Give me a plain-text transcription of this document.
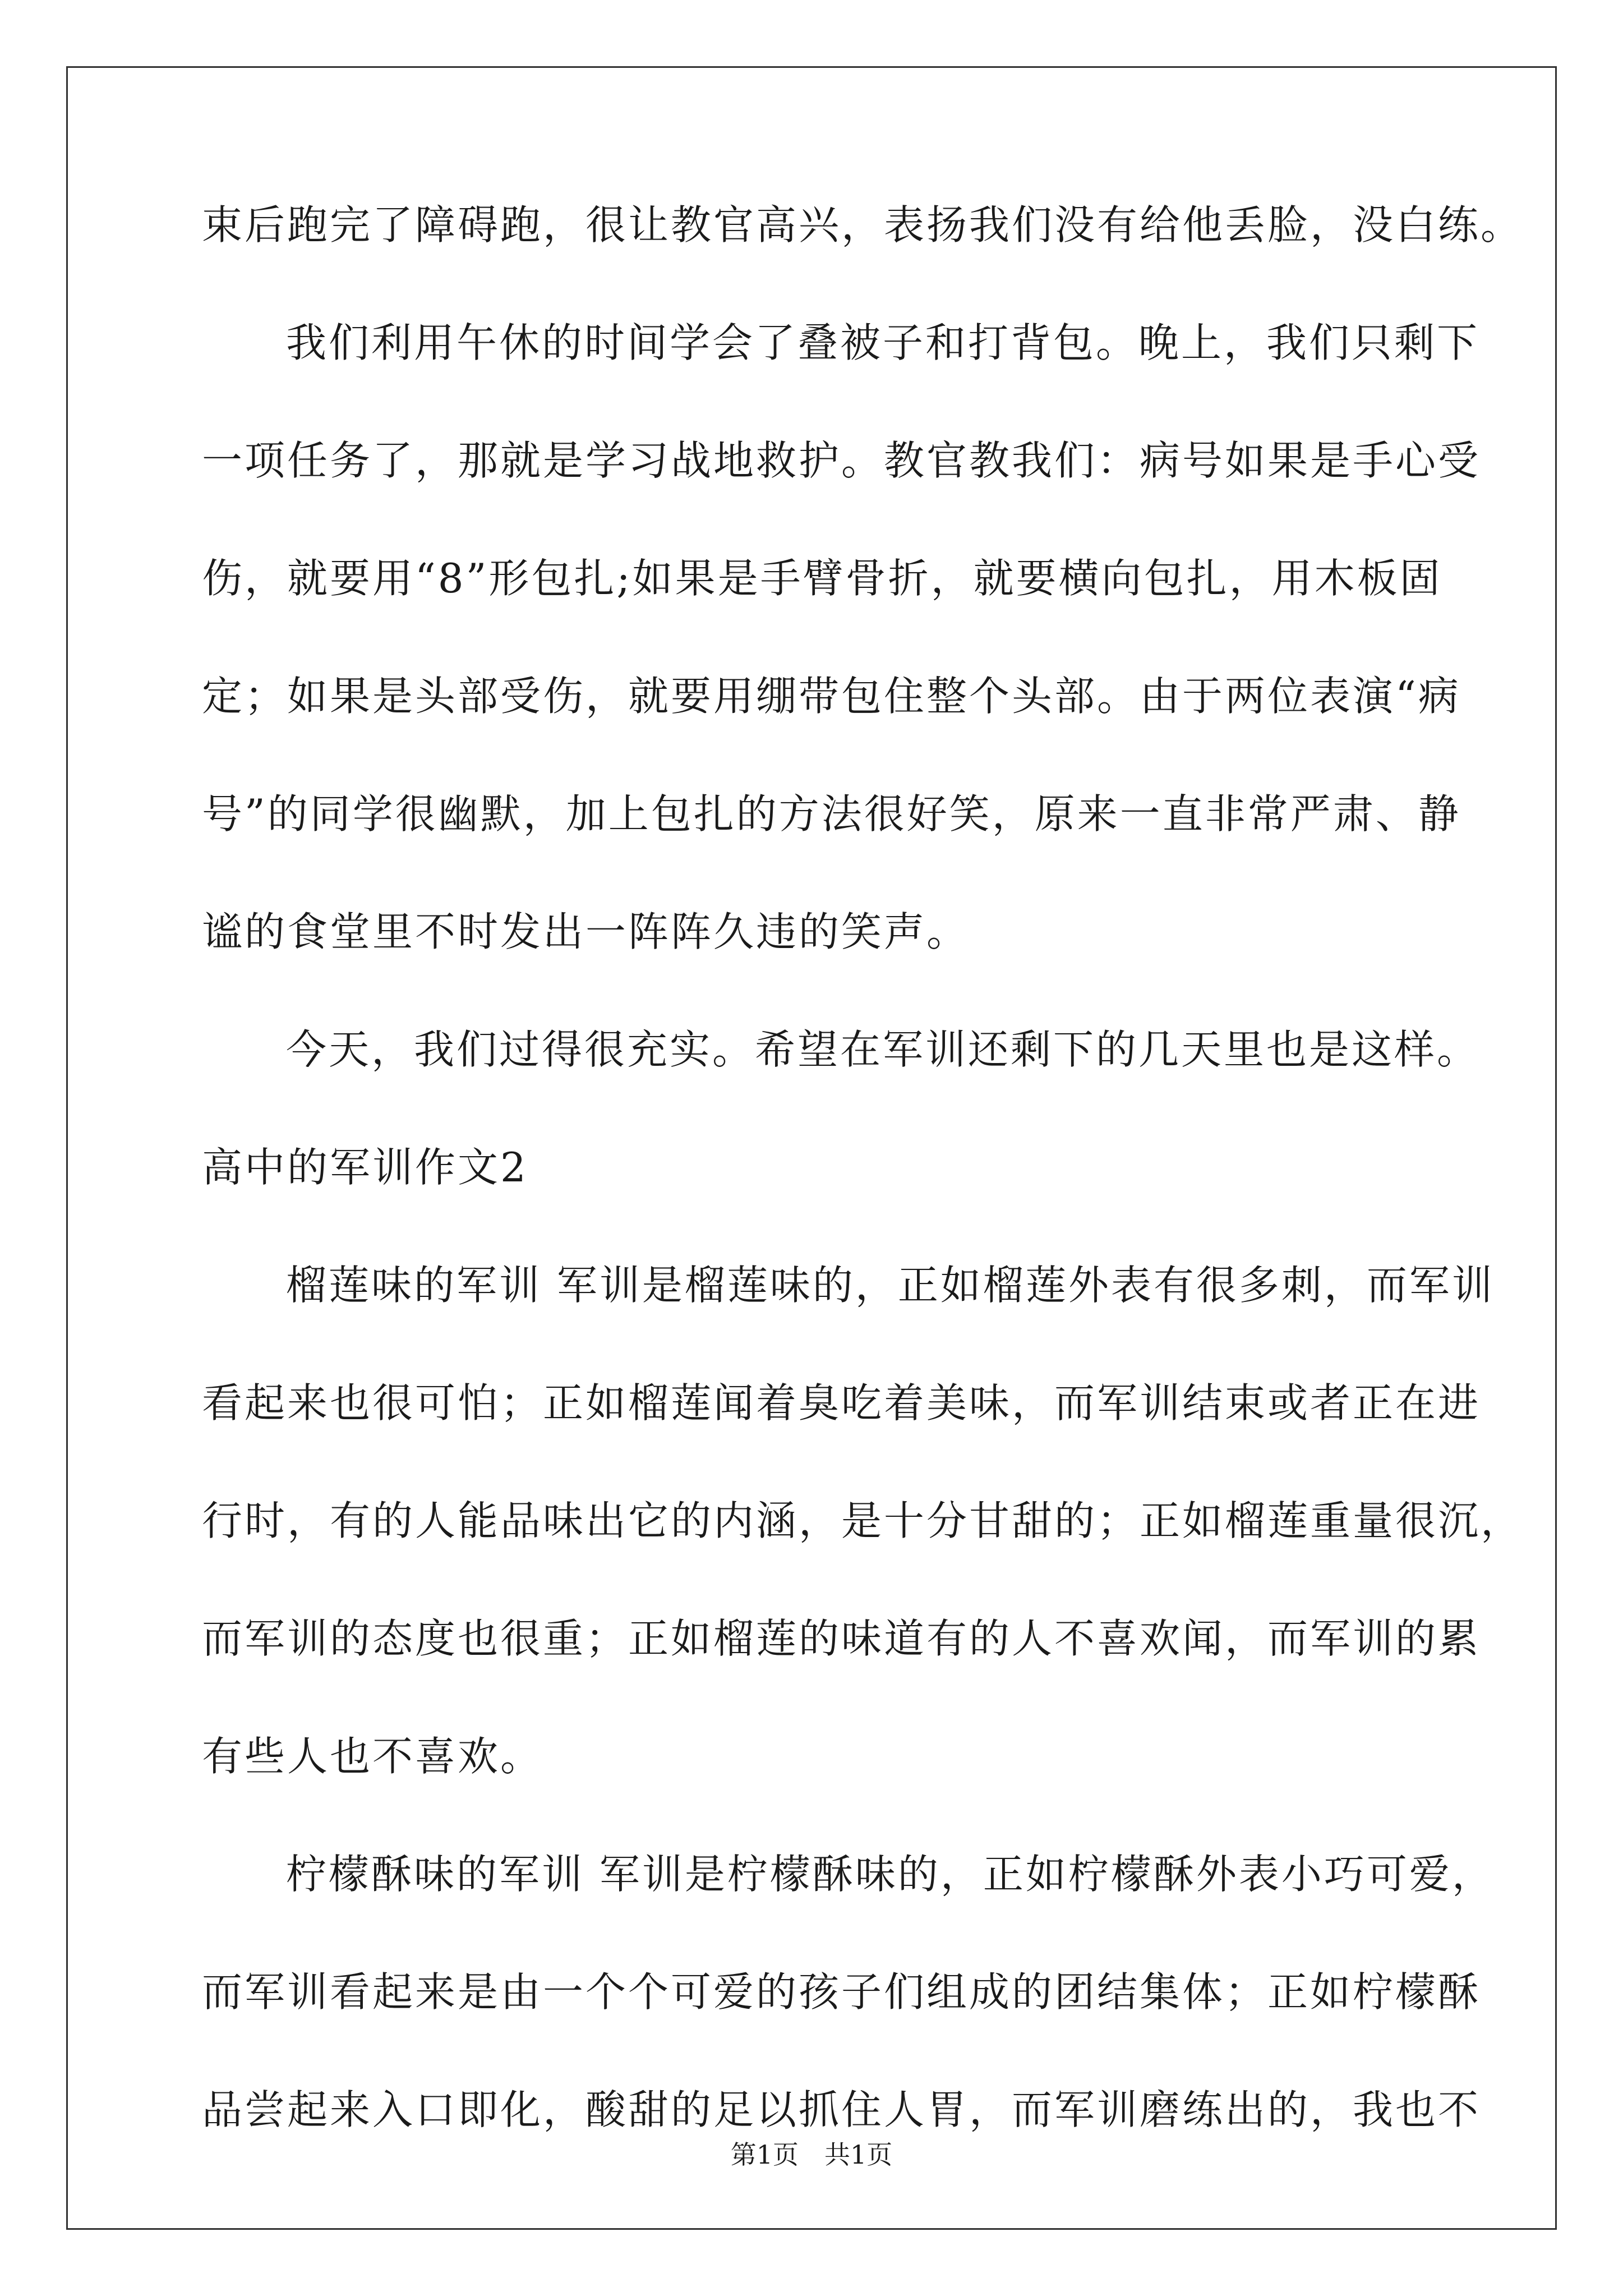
束后跑完了障碍跑，很让教官高兴，表扬我们没有给他丢脸，没白练。
我们利用午休的时间学会了叠被子和打背包。晚上，我们只剩下
一项任务了，那就是学习战地救护。教官教我们：病号如果是手心受
伤，就要用“8”形包扎;如果是手臂骨折，就要横向包扎，用木板固
定；如果是头部受伤，就要用绷带包住整个头部。由于两位表演“病
号”的同学很幽默，加上包扎的方法很好笑，原来一直非常严肃、静
谧的食堂里不时发出一阵阵久违的笑声。
今天，我们过得很充实。希望在军训还剩下的几天里也是这样。
高中的军训作文2
榴莲味的军训 军训是榴莲味的，正如榴莲外表有很多刺，而军训
看起来也很可怕；正如榴莲闻着臭吃着美味，而军训结束或者正在进
行时，有的人能品味出它的内涵，是十分甘甜的；正如榴莲重量很沉，
而军训的态度也很重；正如榴莲的味道有的人不喜欢闻，而军训的累
有些人也不喜欢。
柠檬酥味的军训 军训是柠檬酥味的，正如柠檬酥外表小巧可爱，
而军训看起来是由一个个可爱的孩子们组成的团结集体；正如柠檬酥
品尝起来入口即化，酸甜的足以抓住人胃，而军训磨练出的，我也不
第1页　共1页
